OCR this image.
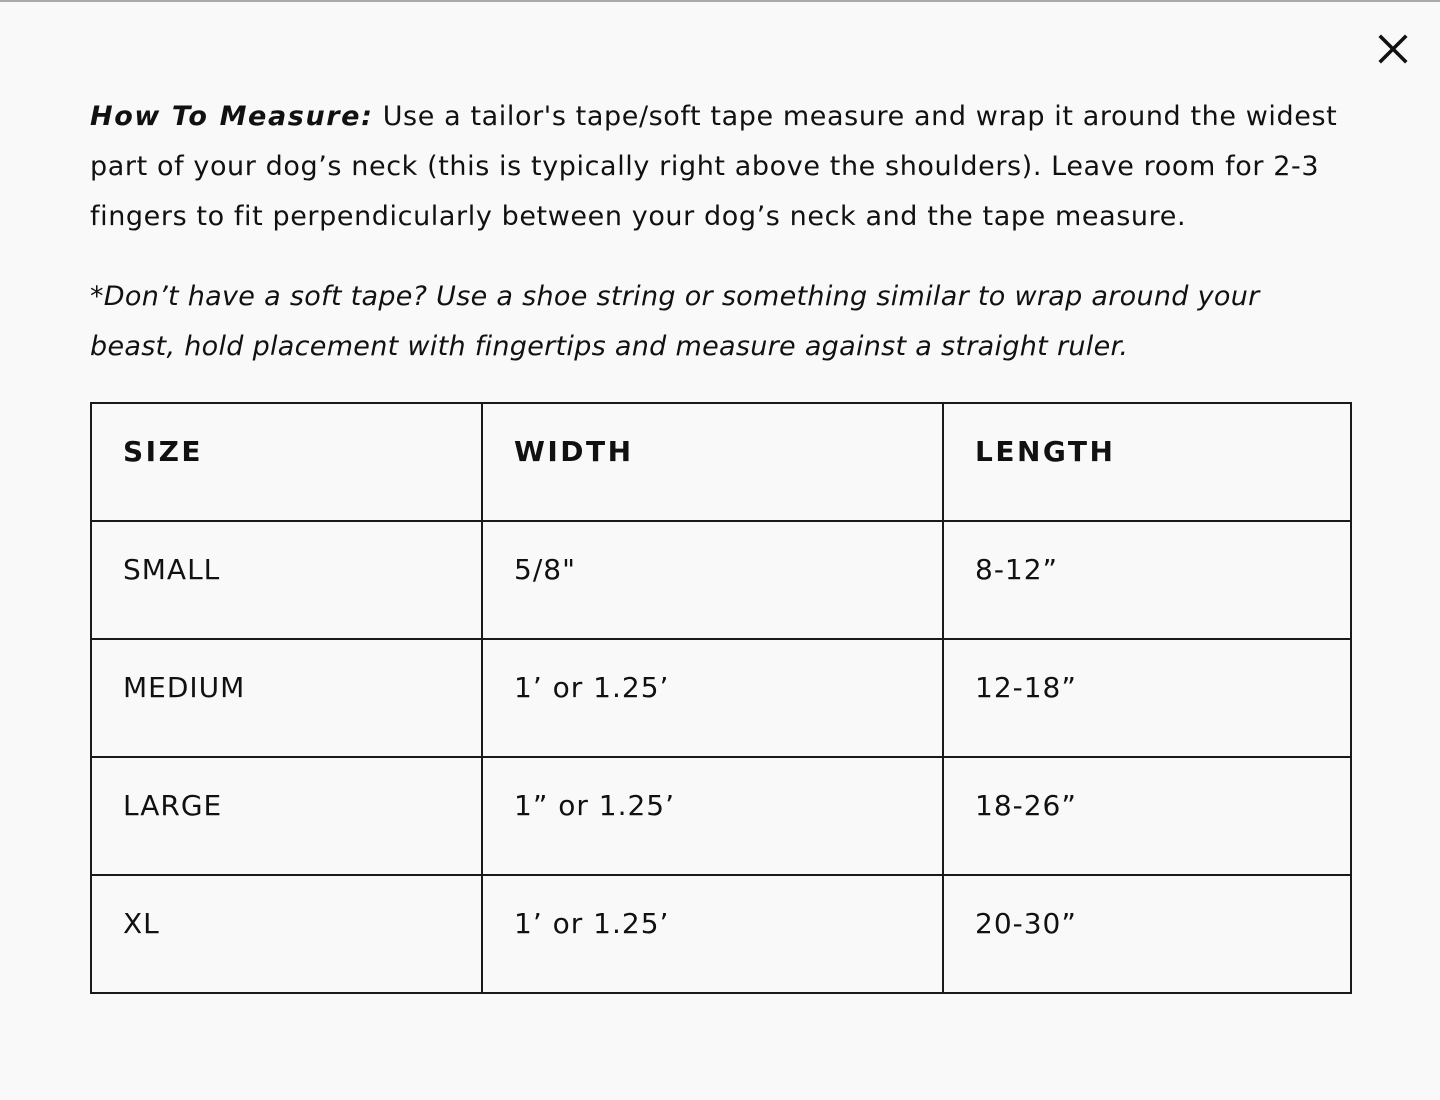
How To Measure: Use a tailor's tape/soft tape measure and wrap it around the widest part of your dog’s neck (this is typically right above the shoulders). Leave room for 2-3 fingers to fit perpendicularly between your dog’s neck and the tape measure.

*Don’t have a soft tape? Use a shoe string or something similar to wrap around your beast, hold placement with fingertips and measure against a straight ruler.

SIZE	WIDTH	LENGTH

SMALL	5/8"	8-12”

MEDIUM	1’ or 1.25’	12-18”

LARGE	1” or 1.25’	18-26”

XL	1’ or 1.25’	20-30”
